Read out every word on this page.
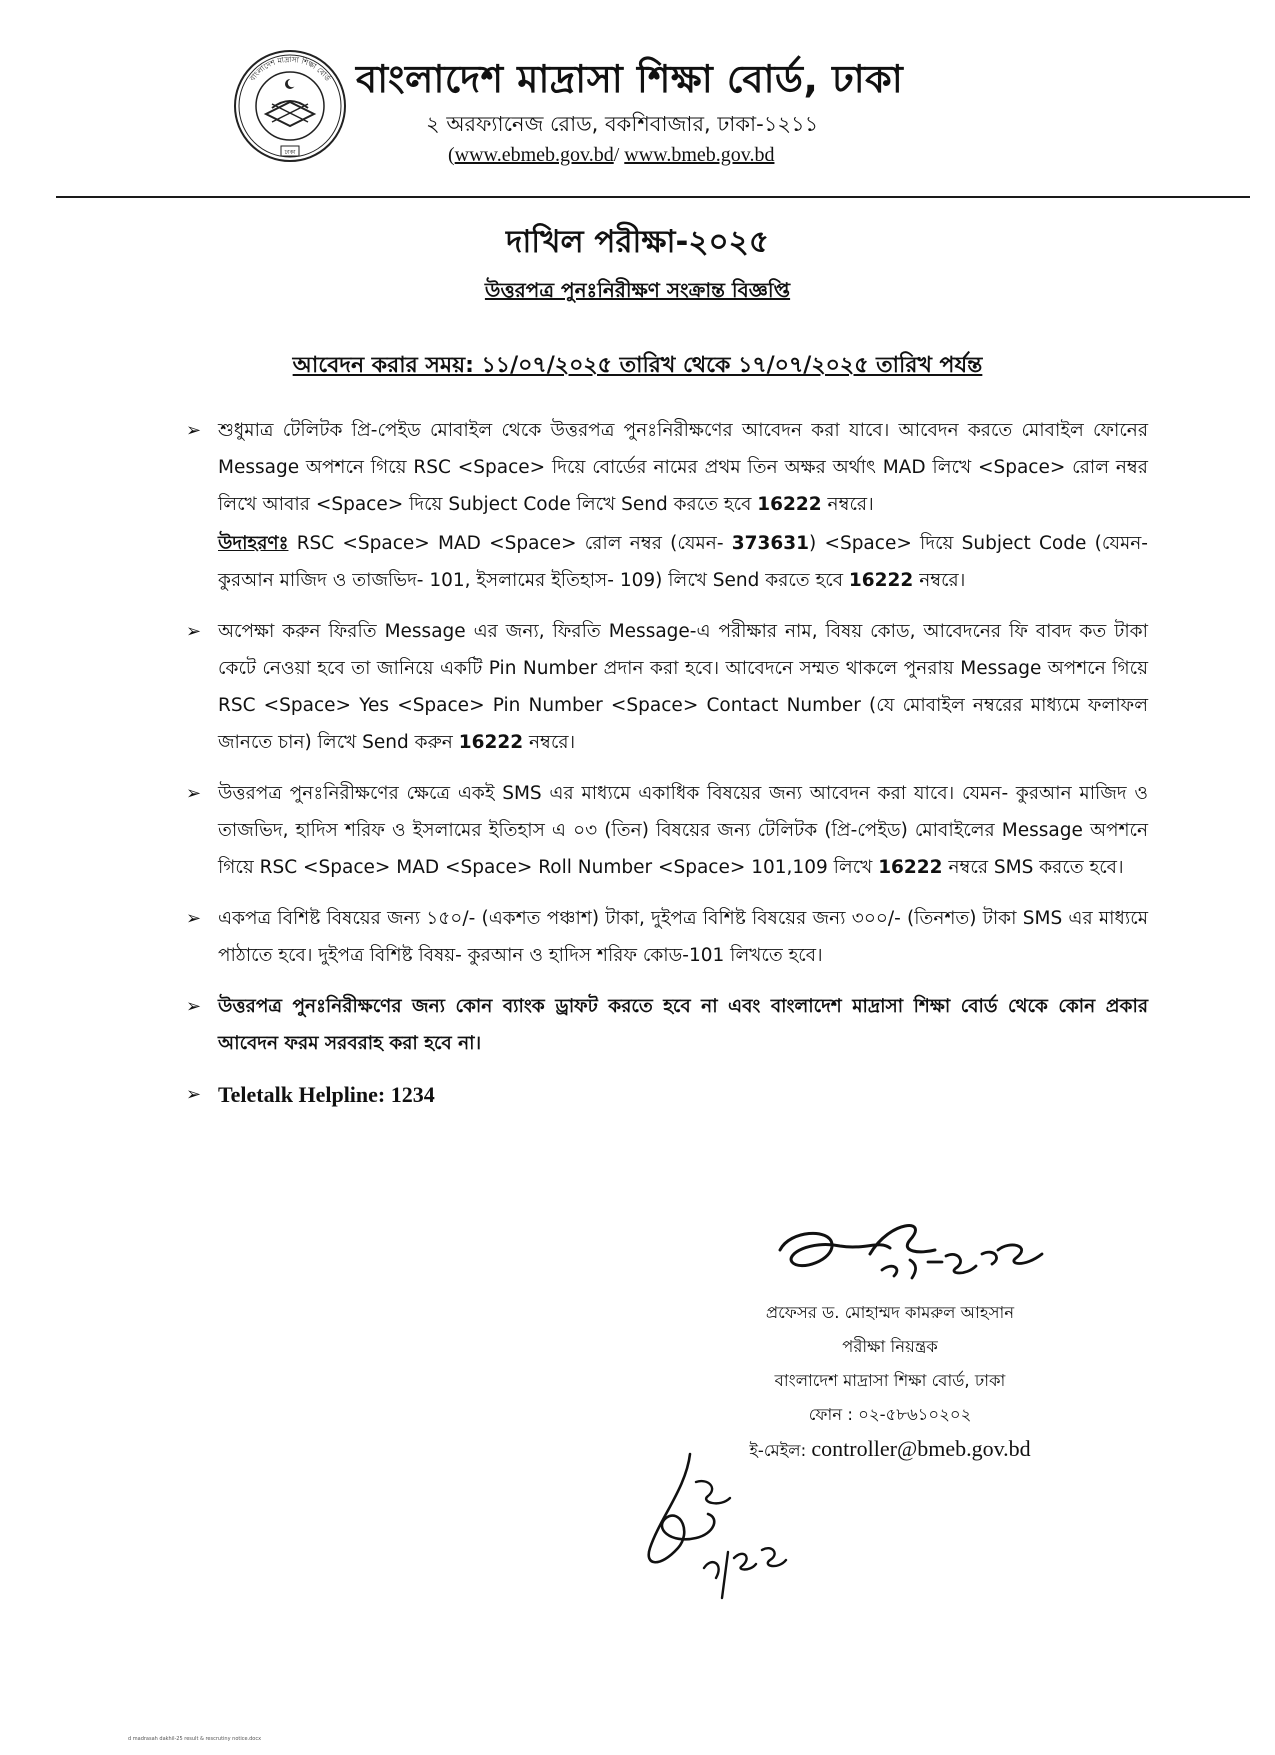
ঢাকা
বাংলাদেশ মাদ্রাসা শিক্ষা বোর্ড বাংলাদেশ মাদ্রাসা শিক্ষা বোর্ড, ঢাকা
২ অরফ্যানেজ রোড, বকশিবাজার, ঢাকা-১২১১
(www.ebmeb.gov.bd/ www.bmeb.gov.bd
দাখিল পরীক্ষা-২০২৫
উত্তরপত্র পুনঃনিরীক্ষণ সংক্রান্ত বিজ্ঞপ্তি
আবেদন করার সময়: ১১/০৭/২০২৫ তারিখ থেকে ১৭/০৭/২০২৫ তারিখ পর্যন্ত
➢ শুধুমাত্র টেলিটক প্রি-পেইড মোবাইল থেকে উত্তরপত্র পুনঃনিরীক্ষণের আবেদন করা যাবে। আবেদন করতে মোবাইল ফোনের Message অপশনে গিয়ে RSC <Space> দিয়ে বোর্ডের নামের প্রথম তিন অক্ষর অর্থাৎ MAD লিখে <Space> রোল নম্বর লিখে আবার <Space> দিয়ে Subject Code লিখে Send করতে হবে 16222 নম্বরে।

উদাহরণঃ RSC <Space> MAD <Space> রোল নম্বর (যেমন- 373631) <Space> দিয়ে Subject Code (যেমন- কুরআন মাজিদ ও তাজভিদ- 101, ইসলামের ইতিহাস- 109) লিখে Send করতে হবে 16222 নম্বরে।

➢ অপেক্ষা করুন ফিরতি Message এর জন্য, ফিরতি Message-এ পরীক্ষার নাম, বিষয় কোড, আবেদনের ফি বাবদ কত টাকা কেটে নেওয়া হবে তা জানিয়ে একটি Pin Number প্রদান করা হবে। আবেদনে সম্মত থাকলে পুনরায় Message অপশনে গিয়ে RSC <Space> Yes <Space> Pin Number <Space> Contact Number (যে মোবাইল নম্বরের মাধ্যমে ফলাফল জানতে চান) লিখে Send করুন 16222 নম্বরে।

➢ উত্তরপত্র পুনঃনিরীক্ষণের ক্ষেত্রে একই SMS এর মাধ্যমে একাধিক বিষয়ের জন্য আবেদন করা যাবে। যেমন- কুরআন মাজিদ ও তাজভিদ, হাদিস শরিফ ও ইসলামের ইতিহাস এ ০৩ (তিন) বিষয়ের জন্য টেলিটক (প্রি-পেইড) মোবাইলের Message অপশনে গিয়ে RSC <Space> MAD <Space> Roll Number <Space> 101,109 লিখে 16222 নম্বরে SMS করতে হবে।

➢ একপত্র বিশিষ্ট বিষয়ের জন্য ১৫০/- (একশত পঞ্চাশ) টাকা, দুইপত্র বিশিষ্ট বিষয়ের জন্য ৩০০/- (তিনশত) টাকা SMS এর মাধ্যমে পাঠাতে হবে। দুইপত্র বিশিষ্ট বিষয়- কুরআন ও হাদিস শরিফ কোড-101 লিখতে হবে।

➢ উত্তরপত্র পুনঃনিরীক্ষণের জন্য কোন ব্যাংক ড্রাফট করতে হবে না এবং বাংলাদেশ মাদ্রাসা শিক্ষা বোর্ড থেকে কোন প্রকার আবেদন ফরম সরবরাহ করা হবে না।

➢ Teletalk Helpline: 1234

প্রফেসর ড. মোহাম্মদ কামরুল আহসান
পরীক্ষা নিয়ন্ত্রক
বাংলাদেশ মাদ্রাসা শিক্ষা বোর্ড, ঢাকা
ফোন : ০২-৫৮৬১০২০২
ই-মেইল: controller@bmeb.gov.bd
d madrasah dakhil-25 result & rescrutiny notice.docx
